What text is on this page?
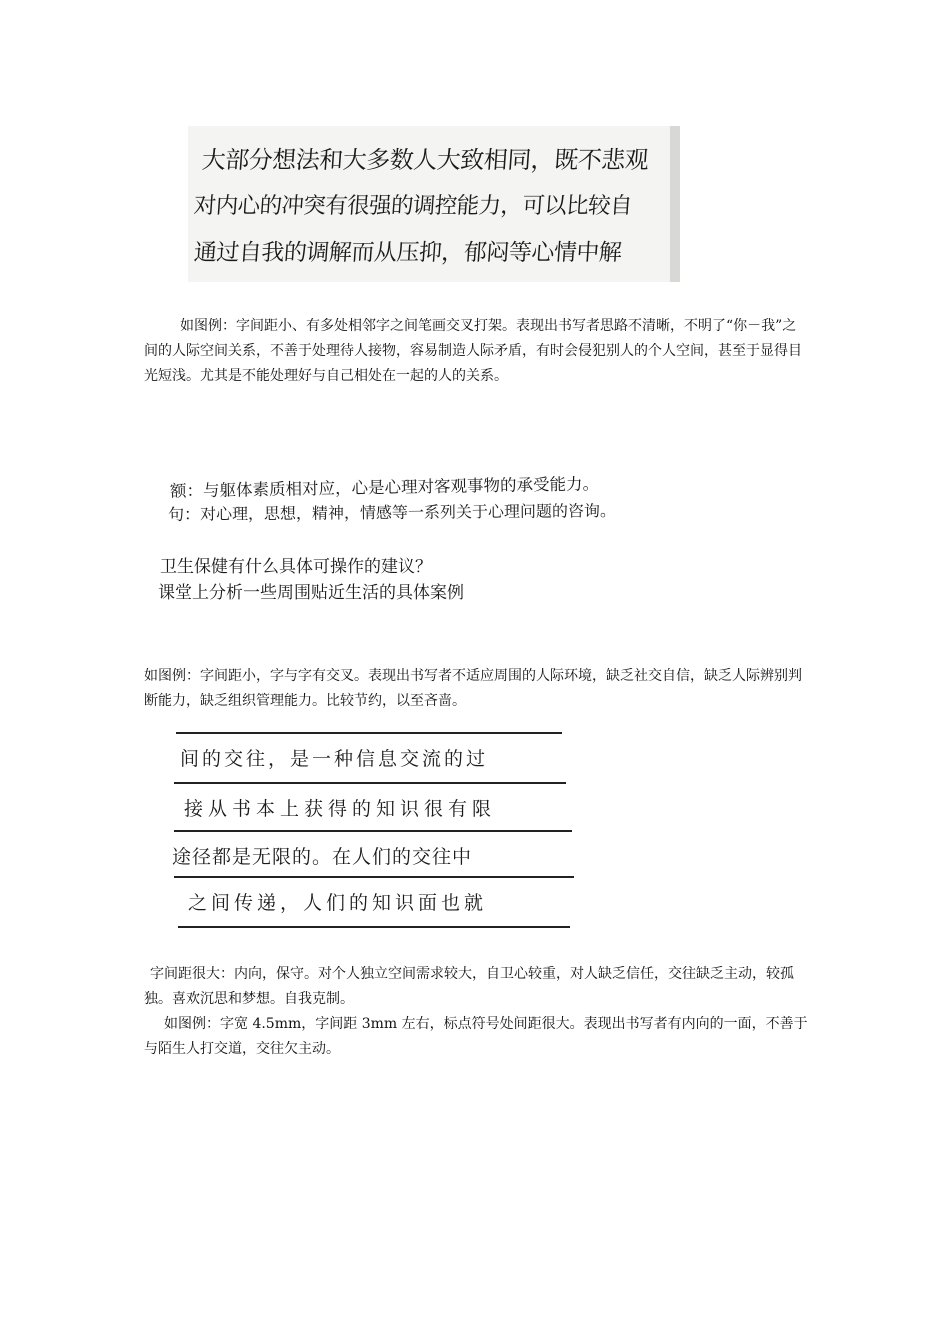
大部分想法和大多数人大致相同，既不悲观
对内心的冲突有很强的调控能力，可以比较自
通过自我的调解而从压抑，郁闷等心情中解

如图例：字间距小、有多处相邻字之间笔画交叉打架。表现出书写者思路不清晰，不明了“你－我”之间的人际空间关系，不善于处理待人接物，容易制造人际矛盾，有时会侵犯别人的个人空间，甚至于显得目光短浅。尤其是不能处理好与自己相处在一起的人的关系。

额：与躯体素质相对应，心是心理对客观事物的承受能力。
句：对心理，思想，精神，情感等一系列关于心理问题的咨询。
卫生保健有什么具体可操作的建议？
课堂上分析一些周围贴近生活的具体案例

如图例：字间距小，字与字有交叉。表现出书写者不适应周围的人际环境，缺乏社交自信，缺乏人际辨别判断能力，缺乏组织管理能力。比较节约，以至吝啬。

间的交往，是一种信息交流的过
接从书本上获得的知识很有限
途径都是无限的。在人们的交往中
之间传递，人们的知识面也就

字间距很大：内向，保守。对个人独立空间需求较大，自卫心较重，对人缺乏信任，交往缺乏主动，较孤独。喜欢沉思和梦想。自我克制。

如图例：字宽 4.5mm，字间距 3mm 左右，标点符号处间距很大。表现出书写者有内向的一面，不善于与陌生人打交道，交往欠主动。
